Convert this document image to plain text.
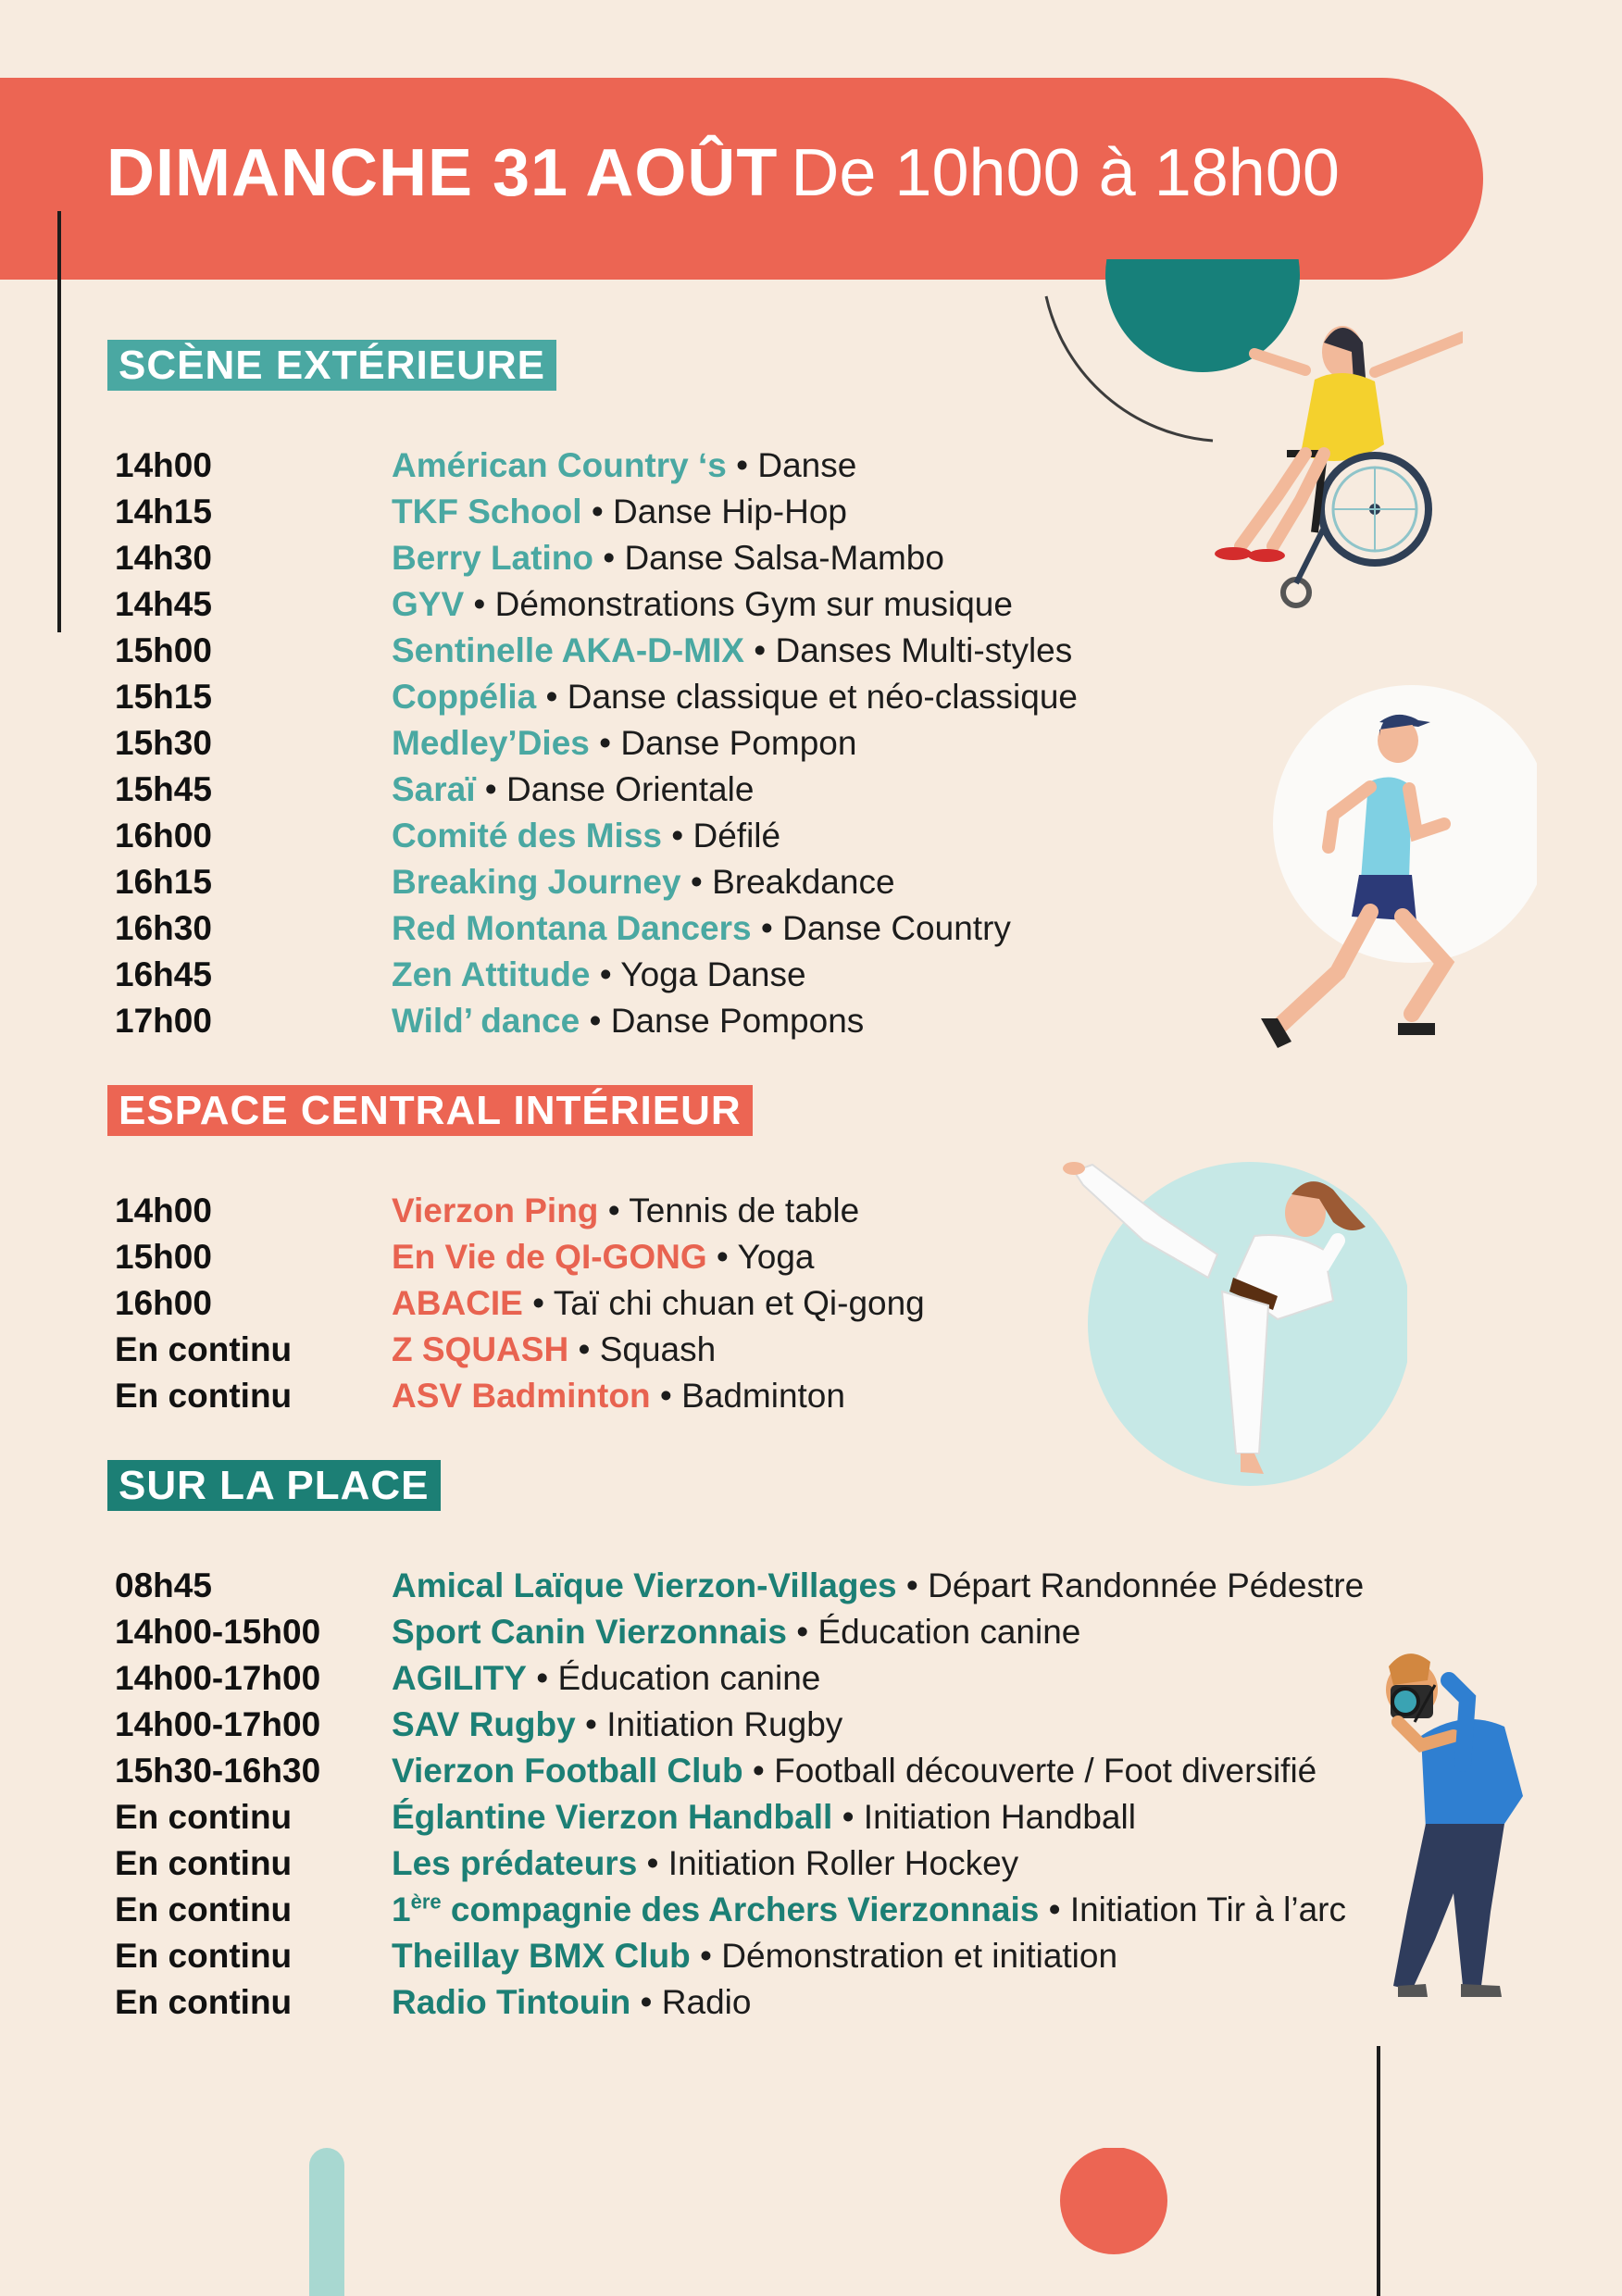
DIMANCHE 31 AOÛT De 10h00 à 18h00
SCÈNE EXTÉRIEURE
14h00	Américan Country ‘s • Danse
14h15	TKF School • Danse Hip-Hop
14h30	Berry Latino • Danse Salsa-Mambo
14h45	GYV • Démonstrations Gym sur musique
15h00	Sentinelle AKA-D-MIX • Danses Multi-styles
15h15	Coppélia • Danse classique et néo-classique
15h30	Medley’Dies • Danse Pompon
15h45	Saraï • Danse Orientale
16h00	Comité des Miss • Défilé
16h15	Breaking Journey • Breakdance
16h30	Red Montana Dancers • Danse Country
16h45	Zen Attitude • Yoga Danse
17h00	Wild’ dance • Danse Pompons
ESPACE CENTRAL INTÉRIEUR
14h00	Vierzon Ping • Tennis de table
15h00	En Vie de QI-GONG • Yoga
16h00	ABACIE • Taï chi chuan et Qi-gong
En continu	Z SQUASH • Squash
En continu	ASV Badminton • Badminton
SUR LA PLACE
08h45	Amical Laïque Vierzon-Villages • Départ Randonnée Pédestre
14h00-15h00 Sport Canin Vierzonnais • Éducation canine
14h00-17h00 AGILITY • Éducation canine
14h00-17h00 SAV Rugby • Initiation Rugby
15h30-16h30 Vierzon Football Club • Football découverte / Foot diversifié
En continu	Églantine Vierzon Handball • Initiation Handball
En continu	Les prédateurs • Initiation Roller Hockey
En continu	1ère compagnie des Archers Vierzonnais • Initiation Tir à l’arc
En continu	Theillay BMX Club • Démonstration et initiation
En continu	Radio Tintouin • Radio
